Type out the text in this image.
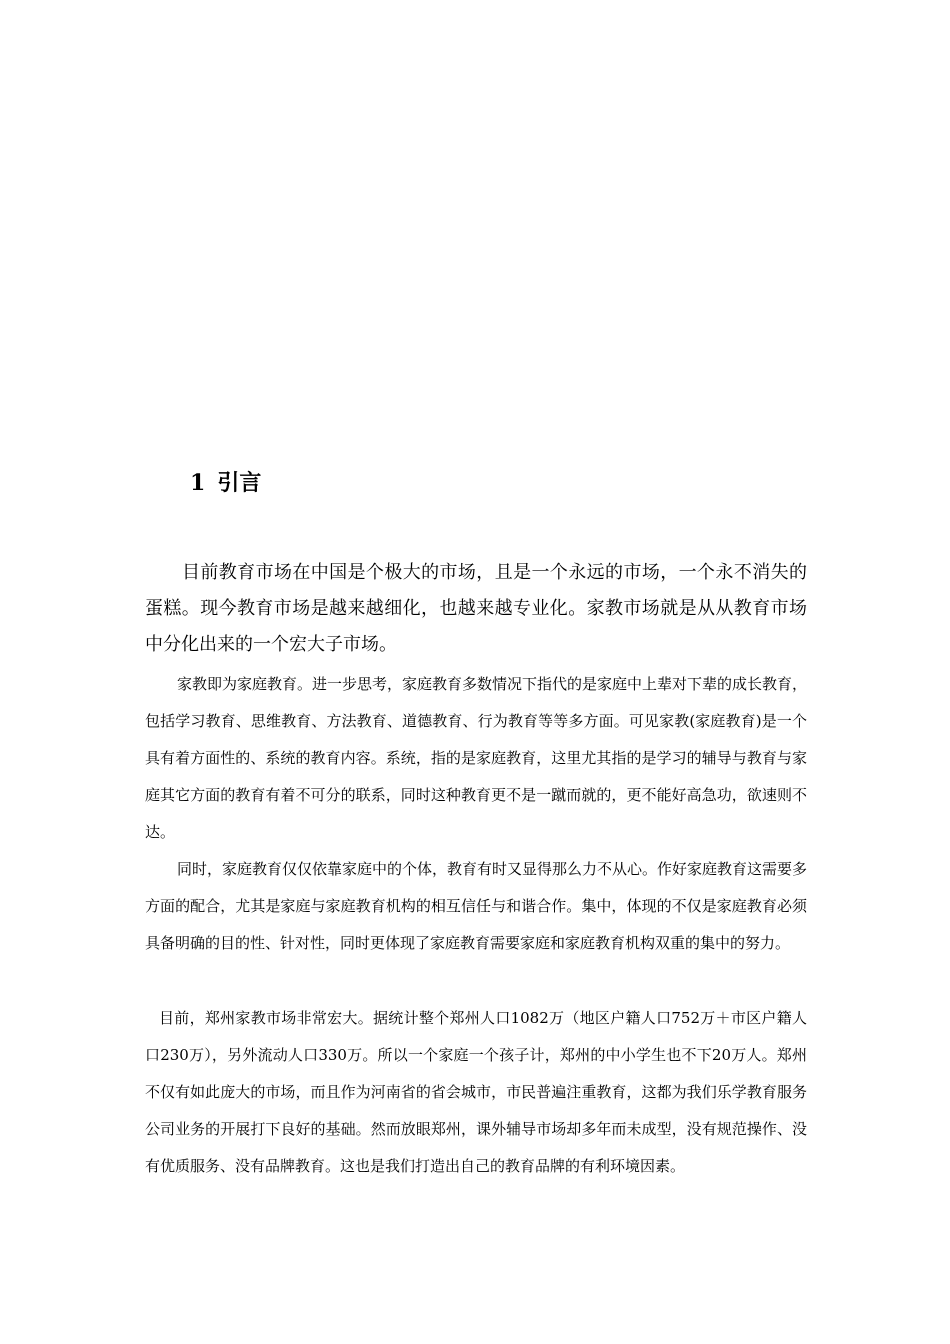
1 引言

目前教育市场在中国是个极大的市场，且是一个永远的市场，一个永不消失的蛋糕。现今教育市场是越来越细化，也越来越专业化。家教市场就是从从教育市场中分化出来的一个宏大子市场。

家教即为家庭教育。进一步思考，家庭教育多数情况下指代的是家庭中上辈对下辈的成长教育，包括学习教育、思维教育、方法教育、道德教育、行为教育等等多方面。可见家教(家庭教育)是一个具有着方面性的、系统的教育内容。系统，指的是家庭教育，这里尤其指的是学习的辅导与教育与家庭其它方面的教育有着不可分的联系，同时这种教育更不是一蹴而就的，更不能好高急功，欲速则不达。

同时，家庭教育仅仅依靠家庭中的个体，教育有时又显得那么力不从心。作好家庭教育这需要多方面的配合，尤其是家庭与家庭教育机构的相互信任与和谐合作。集中，体现的不仅是家庭教育必须具备明确的目的性、针对性，同时更体现了家庭教育需要家庭和家庭教育机构双重的集中的努力。

目前，郑州家教市场非常宏大。据统计整个郑州人口1082万（地区户籍人口752万＋市区户籍人口230万），另外流动人口330万。所以一个家庭一个孩子计，郑州的中小学生也不下20万人。郑州不仅有如此庞大的市场，而且作为河南省的省会城市，市民普遍注重教育，这都为我们乐学教育服务公司业务的开展打下良好的基础。然而放眼郑州，课外辅导市场却多年而未成型，没有规范操作、没有优质服务、没有品牌教育。这也是我们打造出自己的教育品牌的有利环境因素。
